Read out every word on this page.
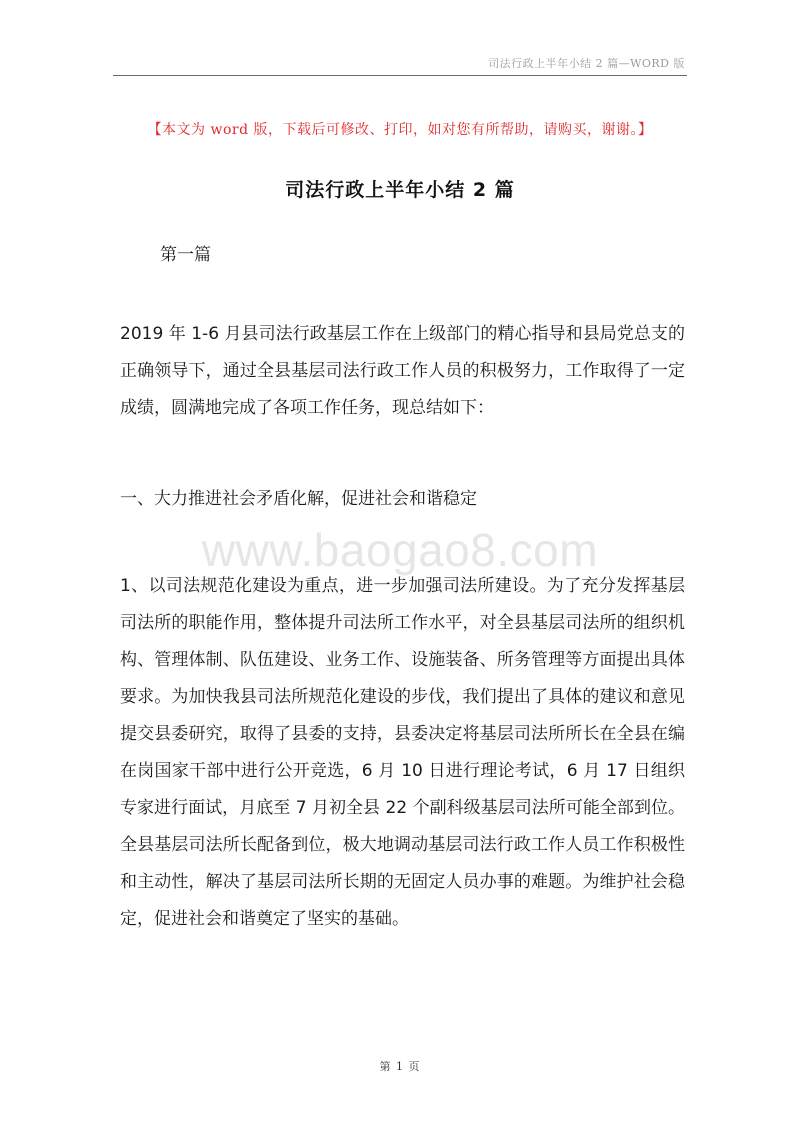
司法行政上半年小结 2 篇—WORD 版
【本文为 word 版，下载后可修改、打印，如对您有所帮助，请购买，谢谢。】
司法行政上半年小结 2 篇
第一篇
2019 年 1-6 月县司法行政基层工作在上级部门的精心指导和县局党总支的正确领导下，通过全县基层司法行政工作人员的积极努力，工作取得了一定成绩，圆满地完成了各项工作任务，现总结如下：
一、大力推进社会矛盾化解，促进社会和谐稳定
www.baogao8.com
1、以司法规范化建设为重点，进一步加强司法所建设。为了充分发挥基层司法所的职能作用，整体提升司法所工作水平，对全县基层司法所的组织机构、管理体制、队伍建设、业务工作、设施装备、所务管理等方面提出具体要求。为加快我县司法所规范化建设的步伐，我们提出了具体的建议和意见提交县委研究，取得了县委的支持，县委决定将基层司法所所长在全县在编在岗国家干部中进行公开竞选，6 月 10 日进行理论考试，6 月 17 日组织专家进行面试，月底至 7 月初全县 22 个副科级基层司法所可能全部到位。全县基层司法所长配备到位，极大地调动基层司法行政工作人员工作积极性和主动性，解决了基层司法所长期的无固定人员办事的难题。为维护社会稳定，促进社会和谐奠定了坚实的基础。
第 1 页
